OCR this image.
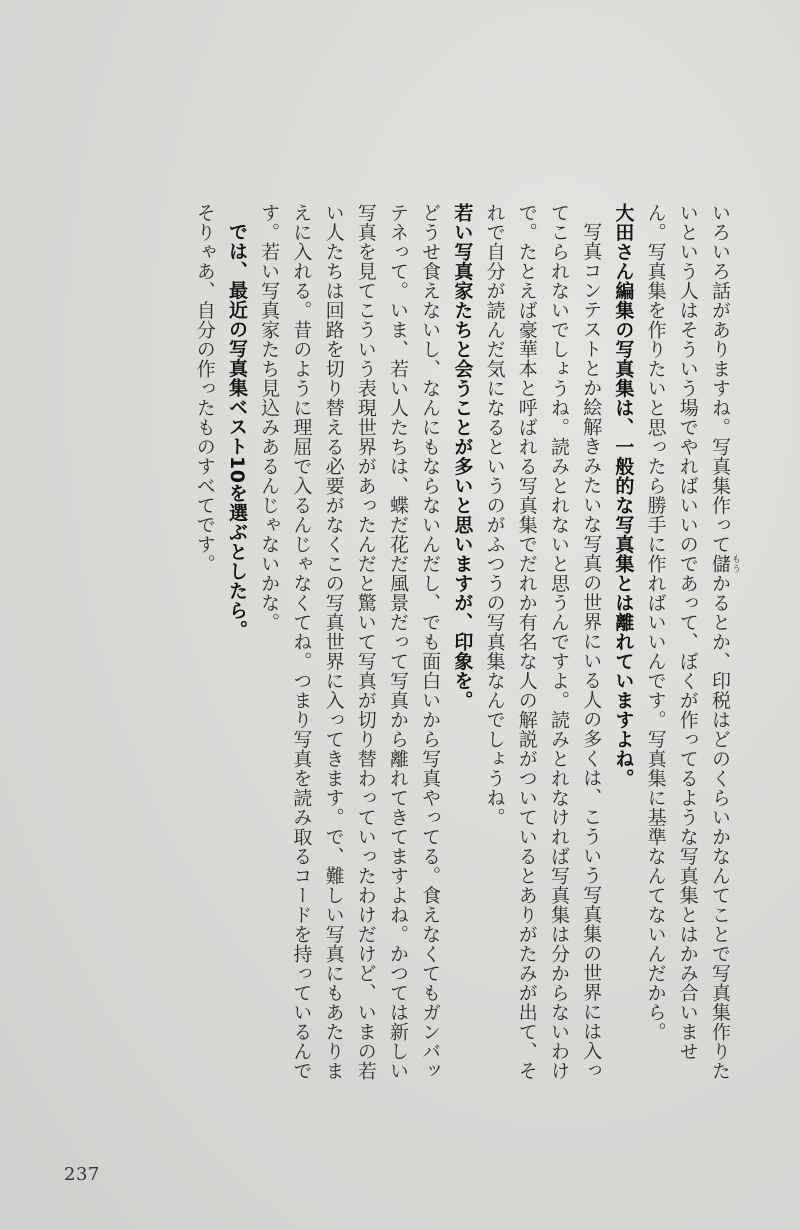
いろいろ話がありますね。写真集作って儲 もうかるとか、印税はどのくらいかなんてことで写真集作りたいという人はそういう場でやればいいのであって、ぼくが作ってるような写真集とはかみ合いません。写真集を作りたいと思ったら勝手に作ればいいんです。写真集に基準なんてないんだから。

大田さん編集の写真集は、一般的な写真集とは離れていますよね。

写真コンテストとか絵解きみたいな写真の世界にいる人の多くは、こういう写真集の世界には入ってこられないでしょうね。読みとれないと思うんですよ。読みとれなければ写真集は分からないわけで。たとえば豪華本と呼ばれる写真集でだれか有名な人の解説がついているとありがたみが出て、それで自分が読んだ気になるというのがふつうの写真集なんでしょうね。

若い写真家たちと会うことが多いと思いますが、印象を。

どうせ食えないし、なんにもならないんだし、でも面白いから写真やってる。食えなくてもガンバッテネって。いま、若い人たちは、蝶だ花だ風景だって写真から離れてきてますよね。かつては新しい写真を見てこういう表現世界があったんだと驚いて写真が切り替わっていったわけだけど、いまの若い人たちは回路を切り替える必要がなくこの写真世界に入ってきます。で、難しい写真にもあたりまえに入れる。昔のように理屈で入るんじゃなくてね。つまり写真を読み取るコードを持っているんです。若い写真家たち見込みあるんじゃないかな。

では、最近の写真集ベスト10を選ぶとしたら。

そりゃあ、自分の作ったものすべてです。

237
